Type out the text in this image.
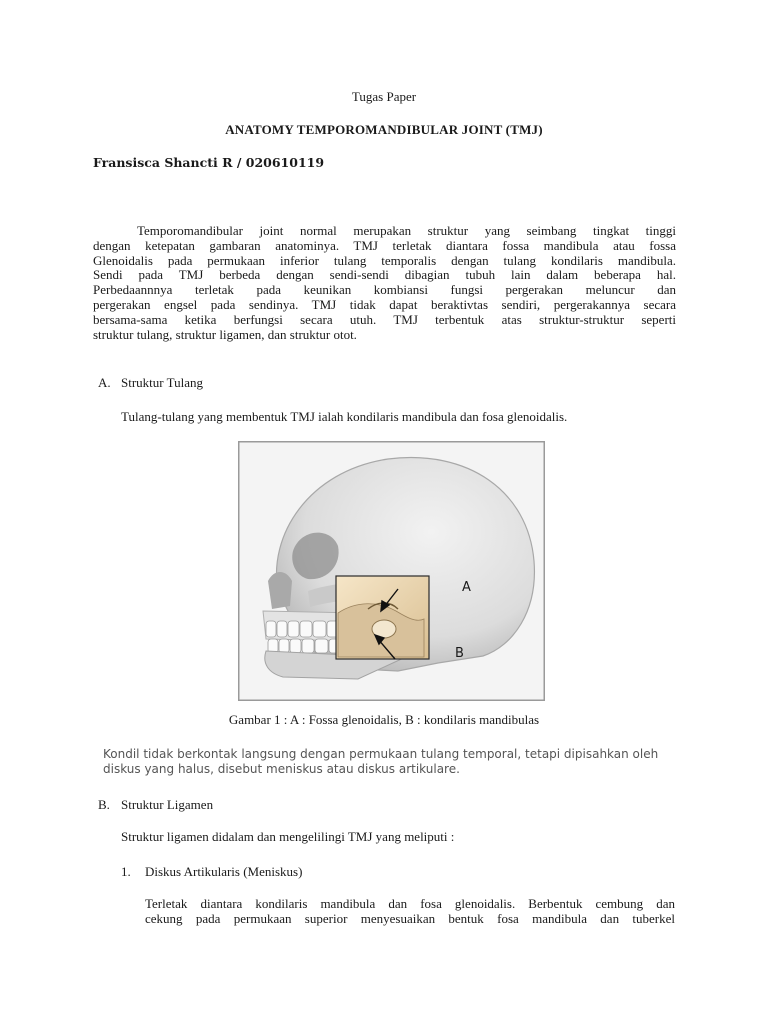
Tugas Paper
ANATOMY TEMPOROMANDIBULAR JOINT (TMJ)
Fransisca Shancti R / 020610119
Temporomandibular joint normal merupakan struktur yang seimbang tingkat tinggi
dengan ketepatan gambaran anatominya. TMJ terletak diantara fossa mandibula atau fossa
Glenoidalis pada permukaan inferior tulang temporalis dengan tulang kondilaris mandibula.
Sendi pada TMJ berbeda dengan sendi-sendi dibagian tubuh lain dalam beberapa hal.
Perbedaannnya terletak pada keunikan kombiansi fungsi pergerakan meluncur dan
pergerakan engsel pada sendinya. TMJ tidak dapat beraktivtas sendiri, pergerakannya secara
bersama-sama ketika berfungsi secara utuh. TMJ terbentuk atas struktur-struktur seperti
struktur tulang, struktur ligamen, dan struktur otot.
A. Struktur Tulang
Tulang-tulang yang membentuk TMJ ialah kondilaris mandibula dan fosa glenoidalis.
A
B
Gambar 1 : A : Fossa glenoidalis, B : kondilaris mandibulas
Kondil tidak berkontak langsung dengan permukaan tulang temporal, tetapi dipisahkan oleh
diskus yang halus, disebut meniskus atau diskus artikulare.
B. Struktur Ligamen
Struktur ligamen didalam dan mengelilingi TMJ yang meliputi :
1. Diskus Artikularis (Meniskus)
Terletak diantara kondilaris mandibula dan fosa glenoidalis. Berbentuk cembung dan
cekung pada permukaan superior menyesuaikan bentuk fosa mandibula dan tuberkel
